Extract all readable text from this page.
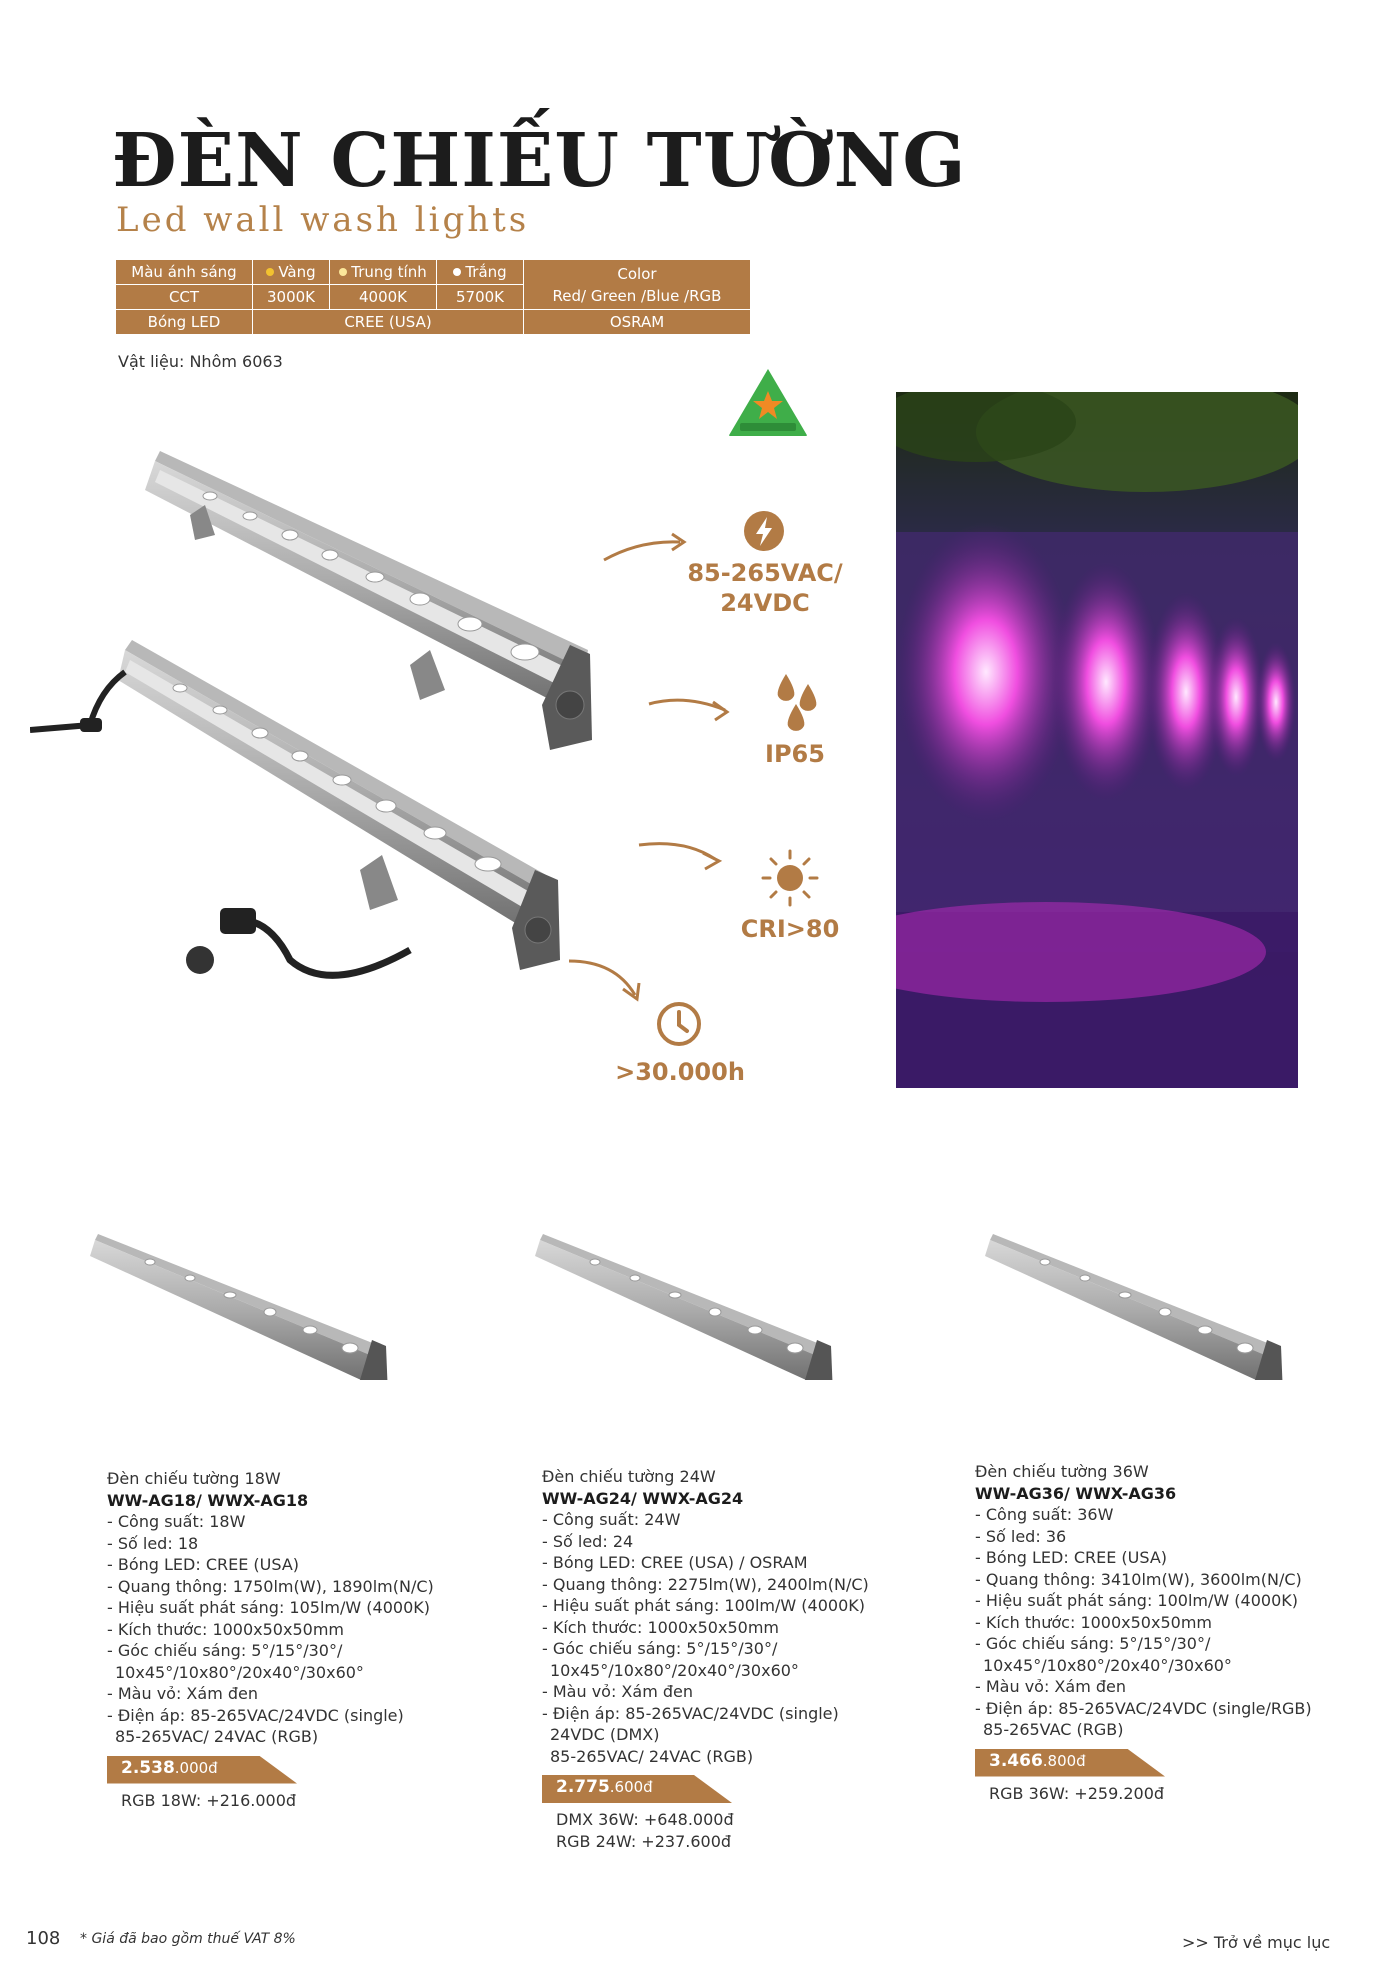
ĐÈN CHIẾU TƯỜNG
Led wall wash lights
Màu ánh sáng	Vàng	Trung tính	Trắng	Color
Red/ Green /Blue /RGB

CCT	3000K	4000K	5700K	
Bóng LED	CREE (USA)			OSRAM
Vật liệu: Nhôm 6063
85-265VAC/
24VDC
IP65
CRI>80
>30.000h
Đèn chiếu tường 18W
WW-AG18/ WWX-AG18
- Công suất: 18W
- Số led: 18
- Bóng LED: CREE (USA)
- Quang thông: 1750lm(W), 1890lm(N/C)
- Hiệu suất phát sáng: 105lm/W (4000K)
- Kích thước: 1000x50x50mm
- Góc chiếu sáng: 5°/15°/30°/
10x45°/10x80°/20x40°/30x60°
- Màu vỏ: Xám đen
- Điện áp: 85-265VAC/24VDC (single)
85-265VAC/ 24VAC (RGB)
2.538.000đ
RGB 18W: +216.000đ
Đèn chiếu tường 24W
WW-AG24/ WWX-AG24
- Công suất: 24W
- Số led: 24
- Bóng LED: CREE (USA) / OSRAM
- Quang thông: 2275lm(W), 2400lm(N/C)
- Hiệu suất phát sáng: 100lm/W (4000K)
- Kích thước: 1000x50x50mm
- Góc chiếu sáng: 5°/15°/30°/
10x45°/10x80°/20x40°/30x60°
- Màu vỏ: Xám đen
- Điện áp: 85-265VAC/24VDC (single)
24VDC (DMX)
85-265VAC/ 24VAC (RGB)
2.775.600đ
DMX 36W: +648.000đ
RGB 24W: +237.600đ
Đèn chiếu tường 36W
WW-AG36/ WWX-AG36
- Công suất: 36W
- Số led: 36
- Bóng LED: CREE (USA)
- Quang thông: 3410lm(W), 3600lm(N/C)
- Hiệu suất phát sáng: 100lm/W (4000K)
- Kích thước: 1000x50x50mm
- Góc chiếu sáng: 5°/15°/30°/
10x45°/10x80°/20x40°/30x60°
- Màu vỏ: Xám đen
- Điện áp: 85-265VAC/24VDC (single/RGB)
85-265VAC (RGB)
3.466.800đ
RGB 36W: +259.200đ
108 * Giá đã bao gồm thuế VAT 8%	>> Trở về mục lục
